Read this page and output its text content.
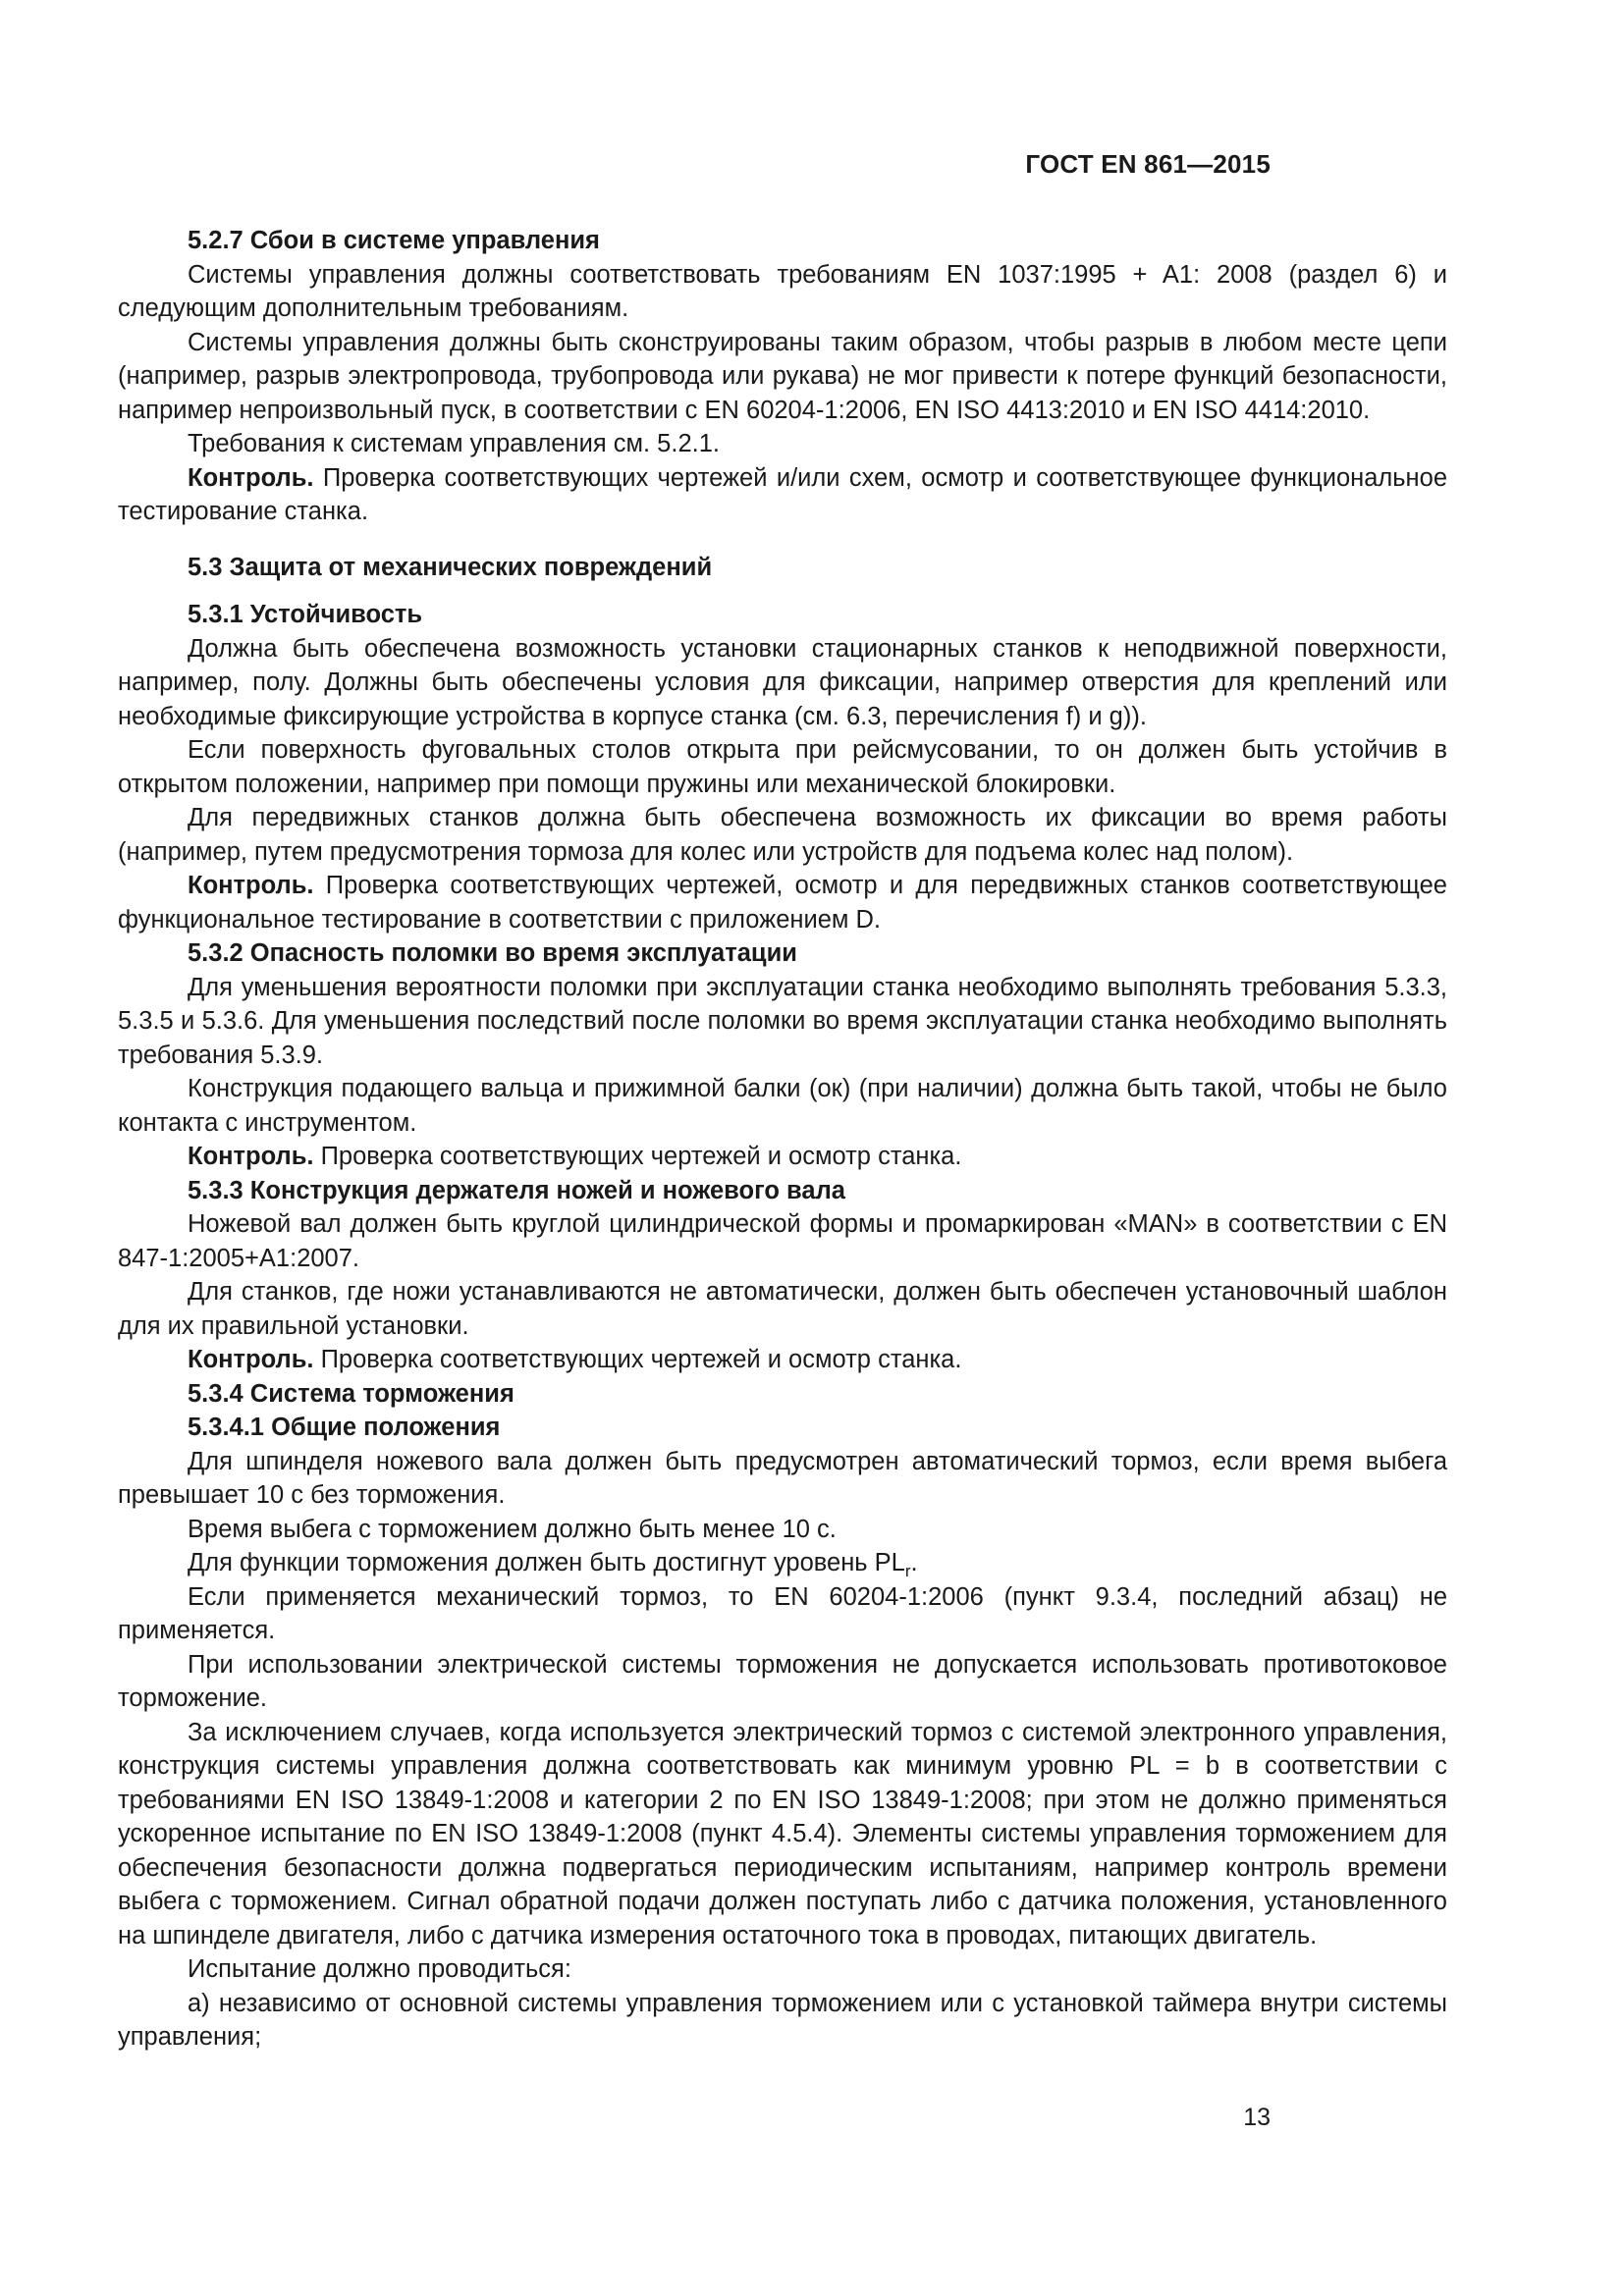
ГОСТ EN 861—2015
5.2.7 Сбои в системе управления

Системы управления должны соответствовать требованиям EN 1037:1995 + A1: 2008 (раздел 6) и следующим дополнительным требованиям.

Системы управления должны быть сконструированы таким образом, чтобы разрыв в любом месте цепи (например, разрыв электропровода, трубопровода или рукава) не мог привести к потере функций безопасности, например непроизвольный пуск, в соответствии с EN 60204-1:2006, EN ISO 4413:2010 и EN ISO 4414:2010.

Требования к системам управления см. 5.2.1.

Контроль. Проверка соответствующих чертежей и/или схем, осмотр и соответствующее функциональное тестирование станка.

5.3 Защита от механических повреждений
5.3.1 Устойчивость

Должна быть обеспечена возможность установки стационарных станков к неподвижной поверхности, например, полу. Должны быть обеспечены условия для фиксации, например отверстия для креплений или необходимые фиксирующие устройства в корпусе станка (см. 6.3, перечисления f) и g)).

Если поверхность фуговальных столов открыта при рейсмусовании, то он должен быть устойчив в открытом положении, например при помощи пружины или механической блокировки.

Для передвижных станков должна быть обеспечена возможность их фиксации во время работы (например, путем предусмотрения тормоза для колес или устройств для подъема колес над полом).

Контроль. Проверка соответствующих чертежей, осмотр и для передвижных станков соответствующее функциональное тестирование в соответствии с приложением D.

5.3.2 Опасность поломки во время эксплуатации

Для уменьшения вероятности поломки при эксплуатации станка необходимо выполнять требования 5.3.3, 5.3.5 и 5.3.6. Для уменьшения последствий после поломки во время эксплуатации станка необходимо выполнять требования 5.3.9.

Конструкция подающего вальца и прижимной балки (ок) (при наличии) должна быть такой, чтобы не было контакта с инструментом.

Контроль. Проверка соответствующих чертежей и осмотр станка.

5.3.3 Конструкция держателя ножей и ножевого вала

Ножевой вал должен быть круглой цилиндрической формы и промаркирован «MAN» в соответствии с EN 847-1:2005+A1:2007.

Для станков, где ножи устанавливаются не автоматически, должен быть обеспечен установочный шаблон для их правильной установки.

Контроль. Проверка соответствующих чертежей и осмотр станка.

5.3.4 Система торможения
5.3.4.1 Общие положения

Для шпинделя ножевого вала должен быть предусмотрен автоматический тормоз, если время выбега превышает 10 с без торможения.

Время выбега с торможением должно быть менее 10 с.

Для функции торможения должен быть достигнут уровень $PL_r$.

Если применяется механический тормоз, то EN 60204-1:2006 (пункт 9.3.4, последний абзац) не применяется.

При использовании электрической системы торможения не допускается использовать противотоковое торможение.

За исключением случаев, когда используется электрический тормоз с системой электронного управления, конструкция системы управления должна соответствовать как минимум уровню PL = b в соответствии с требованиями EN ISO 13849-1:2008 и категории 2 по EN ISO 13849-1:2008; при этом не должно применяться ускоренное испытание по EN ISO 13849-1:2008 (пункт 4.5.4). Элементы системы управления торможением для обеспечения безопасности должна подвергаться периодическим испытаниям, например контроль времени выбега с торможением. Сигнал обратной подачи должен поступать либо с датчика положения, установленного на шпинделе двигателя, либо с датчика измерения остаточного тока в проводах, питающих двигатель.

Испытание должно проводиться:

а) независимо от основной системы управления торможением или с установкой таймера внутри системы управления;

13
